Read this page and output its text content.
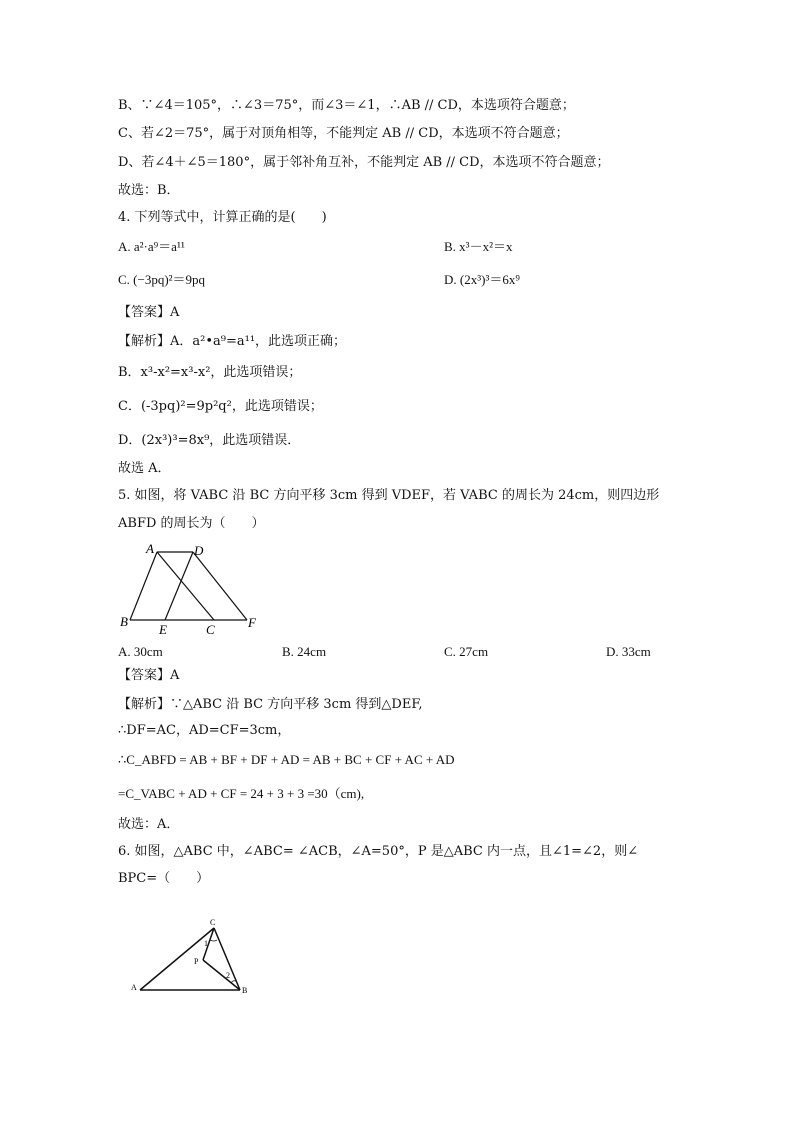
B、∵∠4＝105°，∴∠3＝75°，而∠3＝∠1，∴AB // CD，本选项符合题意；
C、若∠2＝75°，属于对顶角相等，不能判定 AB // CD，本选项不符合题意；
D、若∠4＋∠5＝180°，属于邻补角互补，不能判定 AB // CD，本选项不符合题意；
故选：B．
4. 下列等式中，计算正确的是(　　)
A. a²·a⁹＝a¹¹	B. x³－x²＝x
C. (−3pq)²＝9pq	D. (2x³)³＝6x⁹
【答案】A
【解析】A．a²•a⁹=a¹¹，此选项正确；
B．x³-x²=x³-x²，此选项错误；
C．(-3pq)²=9p²q²，此选项错误；
D．(2x³)³=8x⁹，此选项错误．
故选 A．
5. 如图，将 VABC 沿 BC 方向平移 3cm 得到 VDEF，若 VABC 的周长为 24cm，则四边形
ABFD 的周长为（　　）
A	D
B
E	C	F
C
P
A	B
1
2
A. 30cm	B. 24cm	C. 27cm	D. 33cm
【答案】A
【解析】∵△ABC 沿 BC 方向平移 3cm 得到△DEF,
∴DF=AC，AD=CF=3cm，
∴C_ABFD = AB + BF + DF + AD = AB + BC + CF + AC + AD
=C_VABC + AD + CF = 24 + 3 + 3 =30（cm),
故选：A．
6. 如图，△ABC 中，∠ABC= ∠ACB，∠A=50°，P 是△ABC 内一点，且∠1=∠2，则∠
BPC=（　　）
